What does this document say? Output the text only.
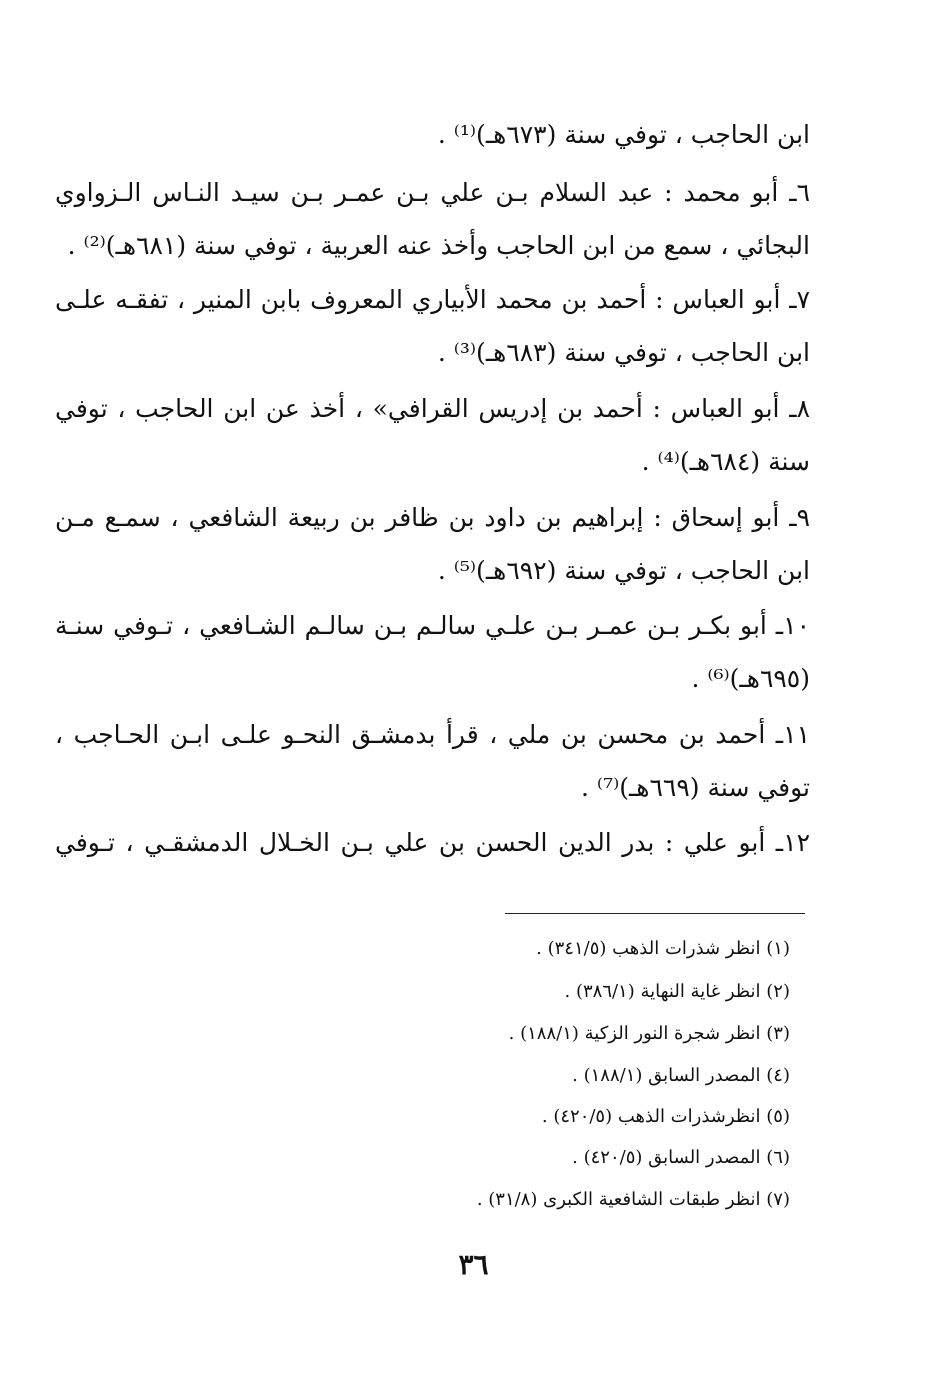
ابن الحاجب ، توفي سنة (٦٧٣هـ)⁽¹⁾ .
٦ـ أبو محمد : عبد السلام بـن علي بـن عمـر بـن سيـد النـاس الـزواوي
البجائي ، سمع من ابن الحاجب وأخذ عنه العربية ، توفي سنة (٦٨١هـ)⁽²⁾ .
٧ـ أبو العباس : أحمد بن محمد الأبياري المعروف بابن المنير ، تفقـه علـى
ابن الحاجب ، توفي سنة (٦٨٣هـ)⁽³⁾ .
٨ـ أبو العباس : أحمد بن إدريس القرافي» ، أخذ عن ابن الحاجب ، توفي
سنة (٦٨٤هـ)⁽⁴⁾ .
٩ـ أبو إسحاق : إبراهيم بن داود بن ظافر بن ربيعة الشافعي ، سمـع مـن
ابن الحاجب ، توفي سنة (٦٩٢هـ)⁽⁵⁾ .
١٠ـ أبو بكـر بـن عمـر بـن علـي سالـم بـن سالـم الشـافعي ، تـوفي سنـة
(٦٩٥هـ)⁽⁶⁾ .
١١ـ أحمد بن محسن بن ملي ، قرأ بدمشـق النحـو علـى ابـن الحـاجب ،
توفي سنة (٦٦٩هـ)⁽⁷⁾ .
١٢ـ أبو علي : بدر الدين الحسن بن علي بـن الخـلال الدمشقـي ، تـوفي
(١) انظر شذرات الذهب (٣٤١/٥) .
(٢) انظر غاية النهاية (٣٨٦/١) .
(٣) انظر شجرة النور الزكية (١٨٨/١) .
(٤) المصدر السابق (١٨٨/١) .
(٥) انظرشذرات الذهب (٤٢٠/٥) .
(٦) المصدر السابق (٤٢٠/٥) .
(٧) انظر طبقات الشافعية الكبرى (٣١/٨) .
٣٦
